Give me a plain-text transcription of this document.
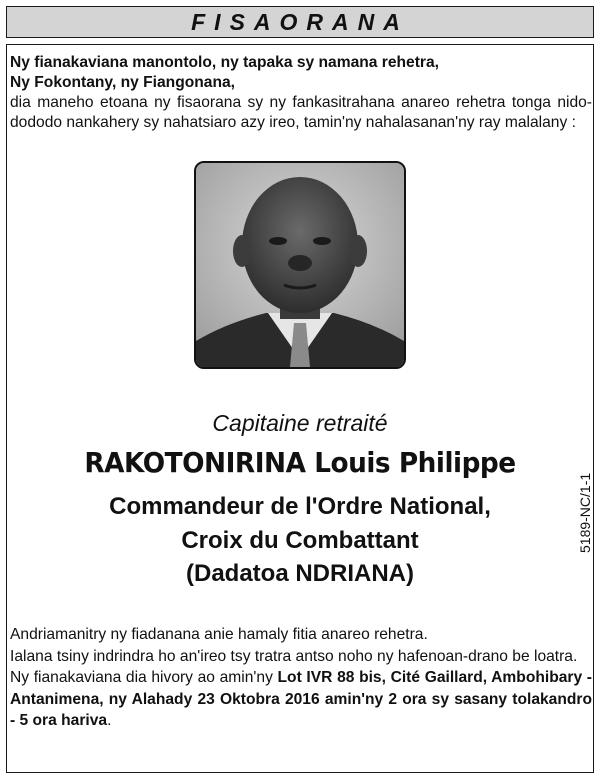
FISAORANA
Ny fianakaviana manontolo, ny tapaka sy namana rehetra,
Ny Fokontany, ny Fiangonana,
dia maneho etoana ny fisaorana sy ny fankasitrahana anareo rehetra tonga nido-dododo nankahery sy nahatsiaro azy ireo, tamin'ny nahalasanan'ny ray malalany :
Capitaine retraité
RAKOTONIRINA Louis Philippe
Commandeur de l'Ordre National,
Croix du Combattant
(Dadatoa NDRIANA)
5189-NC/1-1

Andriamanitry ny fiadanana anie hamaly fitia anareo rehetra.

Ialana tsiny indrindra ho an'ireo tsy tratra antso noho ny hafenoan-drano be loatra.

Ny fianakaviana dia hivory ao amin'ny Lot IVR 88 bis, Cité Gaillard, Ambohibary - Antanimena, ny Alahady 23 Oktobra 2016 amin'ny 2 ora sy sasany tolakandro - 5 ora hariva.
